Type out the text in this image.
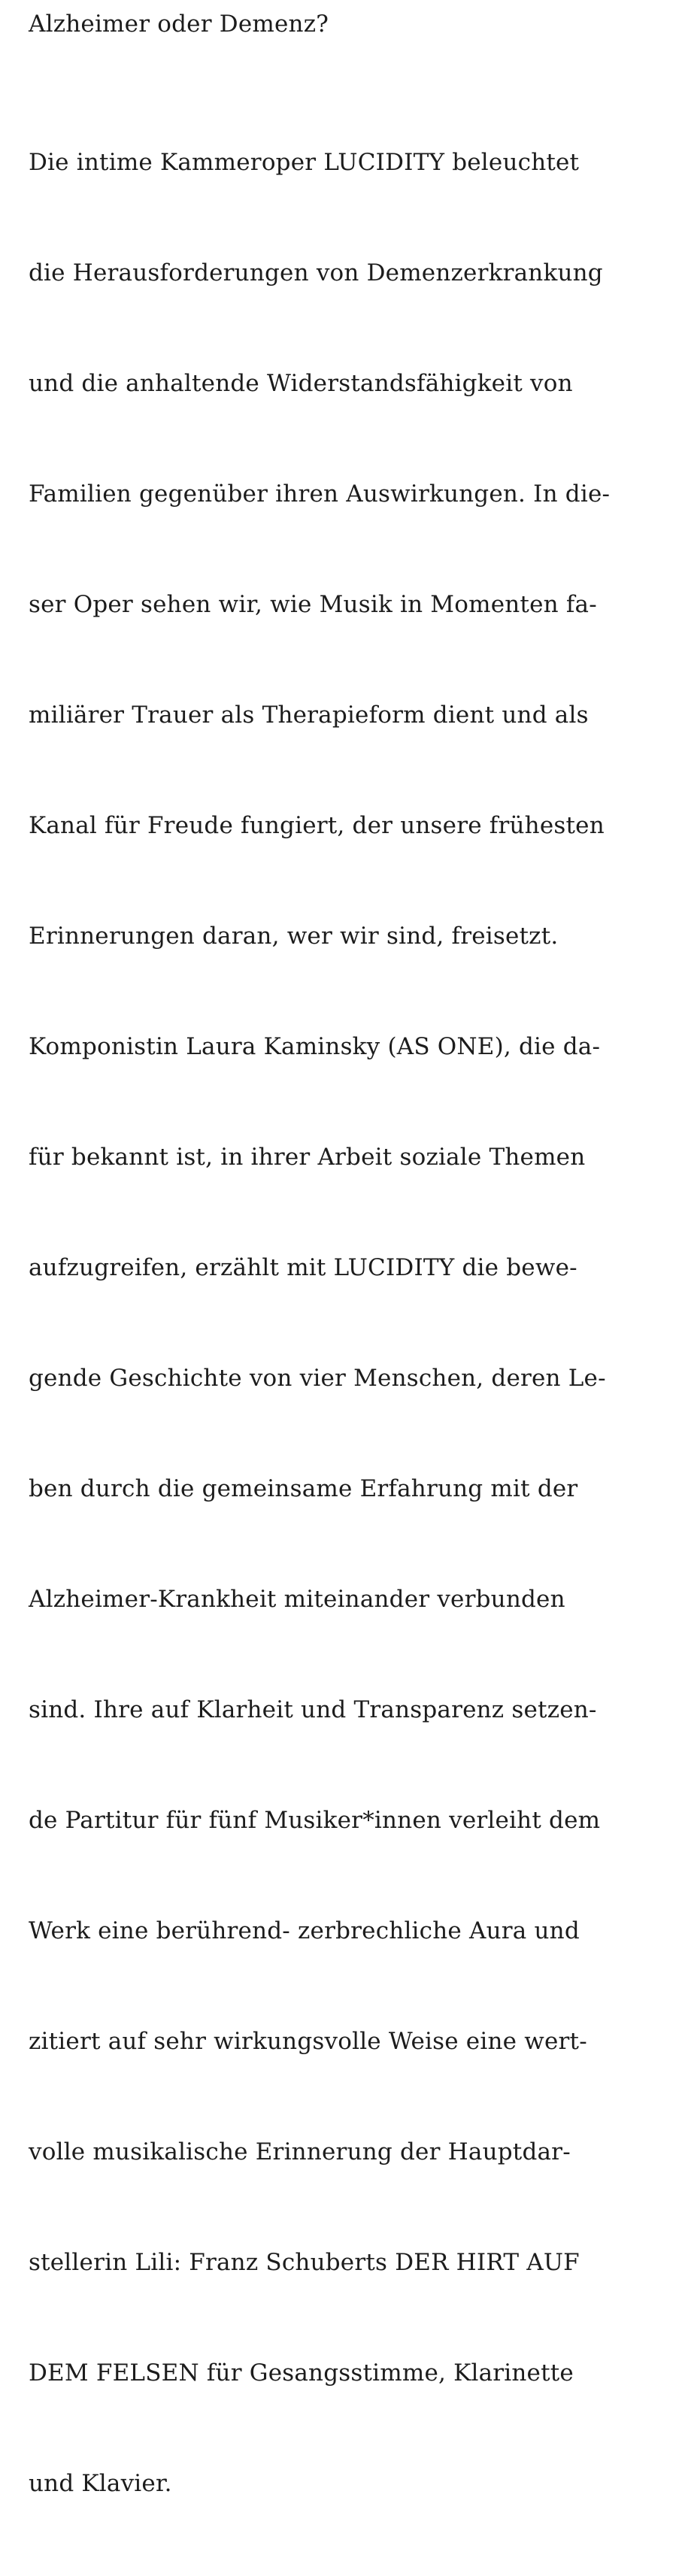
Alzheimer oder Demenz?

Die intime Kammeroper LUCIDITY beleuchtet

die Herausforderungen von Demenzerkrankung

und die anhaltende Widerstandsfähigkeit von

Familien gegenüber ihren Auswirkungen. In die-

ser Oper sehen wir, wie Musik in Momenten fa-

miliärer Trauer als Therapieform dient und als

Kanal für Freude fungiert, der unsere frühesten

Erinnerungen daran, wer wir sind, freisetzt.

Komponistin Laura Kaminsky (AS ONE), die da-

für bekannt ist, in ihrer Arbeit soziale Themen

aufzugreifen, erzählt mit LUCIDITY die bewe-

gende Geschichte von vier Menschen, deren Le-

ben durch die gemeinsame Erfahrung mit der

Alzheimer-Krankheit miteinander verbunden

sind. Ihre auf Klarheit und Transparenz setzen-

de Partitur für fünf Musiker*innen verleiht dem

Werk eine berührend- zerbrechliche Aura und

zitiert auf sehr wirkungsvolle Weise eine wert-

volle musikalische Erinnerung der Hauptdar-

stellerin Lili: Franz Schuberts DER HIRT AUF

DEM FELSEN für Gesangsstimme, Klarinette

und Klavier.
